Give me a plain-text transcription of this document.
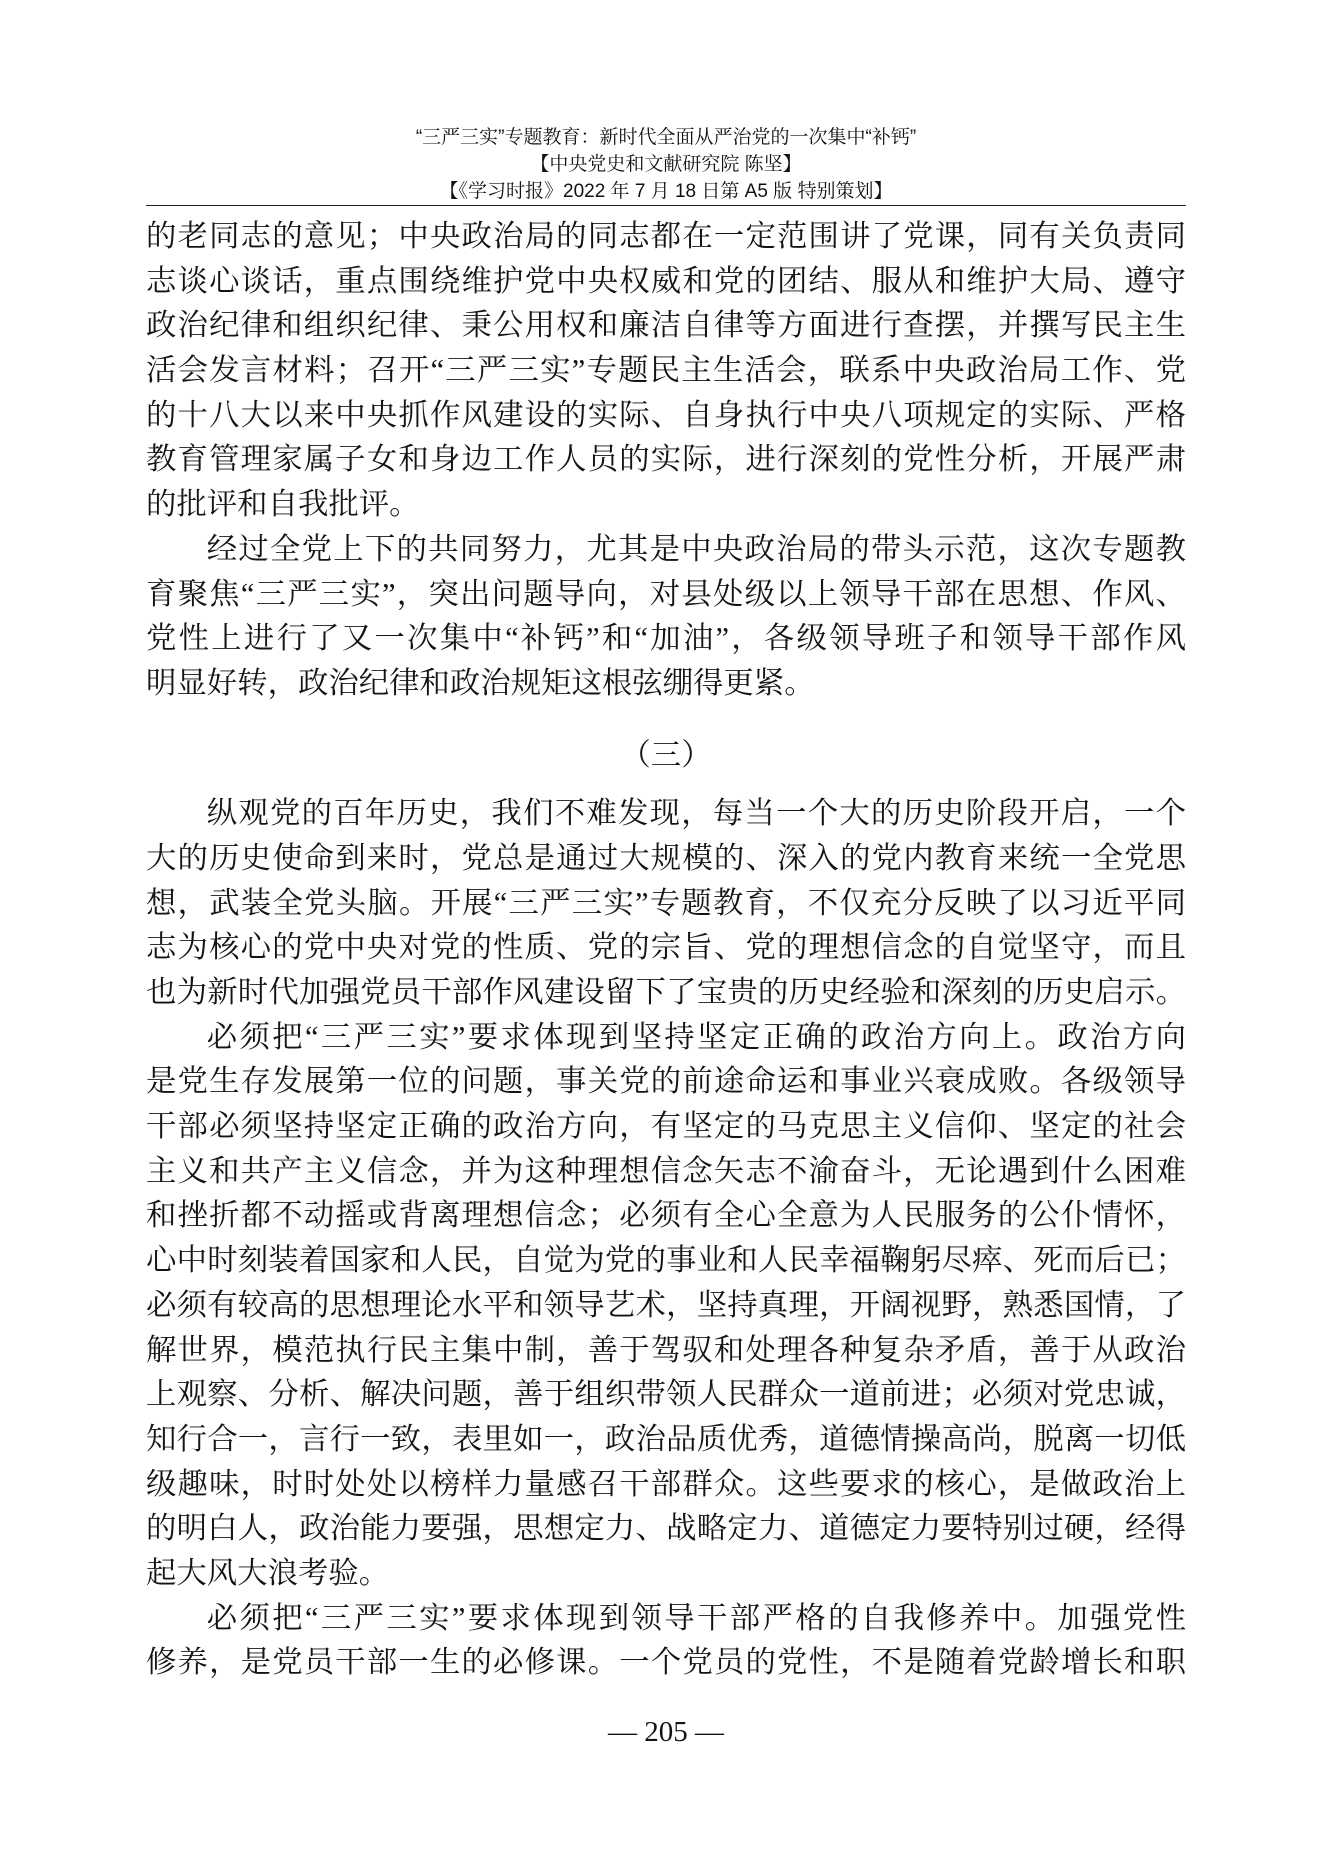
“三严三实”专题教育：新时代全面从严治党的一次集中“补钙”
【中央党史和文献研究院 陈坚】
【《学习时报》2022 年 7 月 18 日第 A5 版 特别策划】
的老同志的意见；中央政治局的同志都在一定范围讲了党课，同有关负责同
志谈心谈话，重点围绕维护党中央权威和党的团结、服从和维护大局、遵守
政治纪律和组织纪律、秉公用权和廉洁自律等方面进行查摆，并撰写民主生
活会发言材料；召开“三严三实”专题民主生活会，联系中央政治局工作、党
的十八大以来中央抓作风建设的实际、自身执行中央八项规定的实际、严格
教育管理家属子女和身边工作人员的实际，进行深刻的党性分析，开展严肃
的批评和自我批评。
经过全党上下的共同努力，尤其是中央政治局的带头示范，这次专题教
育聚焦“三严三实”，突出问题导向，对县处级以上领导干部在思想、作风、
党性上进行了又一次集中“补钙”和“加油”，各级领导班子和领导干部作风
明显好转，政治纪律和政治规矩这根弦绷得更紧。
（三）
纵观党的百年历史，我们不难发现，每当一个大的历史阶段开启，一个
大的历史使命到来时，党总是通过大规模的、深入的党内教育来统一全党思
想，武装全党头脑。开展“三严三实”专题教育，不仅充分反映了以习近平同
志为核心的党中央对党的性质、党的宗旨、党的理想信念的自觉坚守，而且
也为新时代加强党员干部作风建设留下了宝贵的历史经验和深刻的历史启示。
必须把“三严三实”要求体现到坚持坚定正确的政治方向上。政治方向
是党生存发展第一位的问题，事关党的前途命运和事业兴衰成败。各级领导
干部必须坚持坚定正确的政治方向，有坚定的马克思主义信仰、坚定的社会
主义和共产主义信念，并为这种理想信念矢志不渝奋斗，无论遇到什么困难
和挫折都不动摇或背离理想信念；必须有全心全意为人民服务的公仆情怀，
心中时刻装着国家和人民，自觉为党的事业和人民幸福鞠躬尽瘁、死而后已；
必须有较高的思想理论水平和领导艺术，坚持真理，开阔视野，熟悉国情，了
解世界，模范执行民主集中制，善于驾驭和处理各种复杂矛盾，善于从政治
上观察、分析、解决问题，善于组织带领人民群众一道前进；必须对党忠诚，
知行合一，言行一致，表里如一，政治品质优秀，道德情操高尚，脱离一切低
级趣味，时时处处以榜样力量感召干部群众。这些要求的核心，是做政治上
的明白人，政治能力要强，思想定力、战略定力、道德定力要特别过硬，经得
起大风大浪考验。
必须把“三严三实”要求体现到领导干部严格的自我修养中。加强党性
修养，是党员干部一生的必修课。一个党员的党性，不是随着党龄增长和职
— 205 —
